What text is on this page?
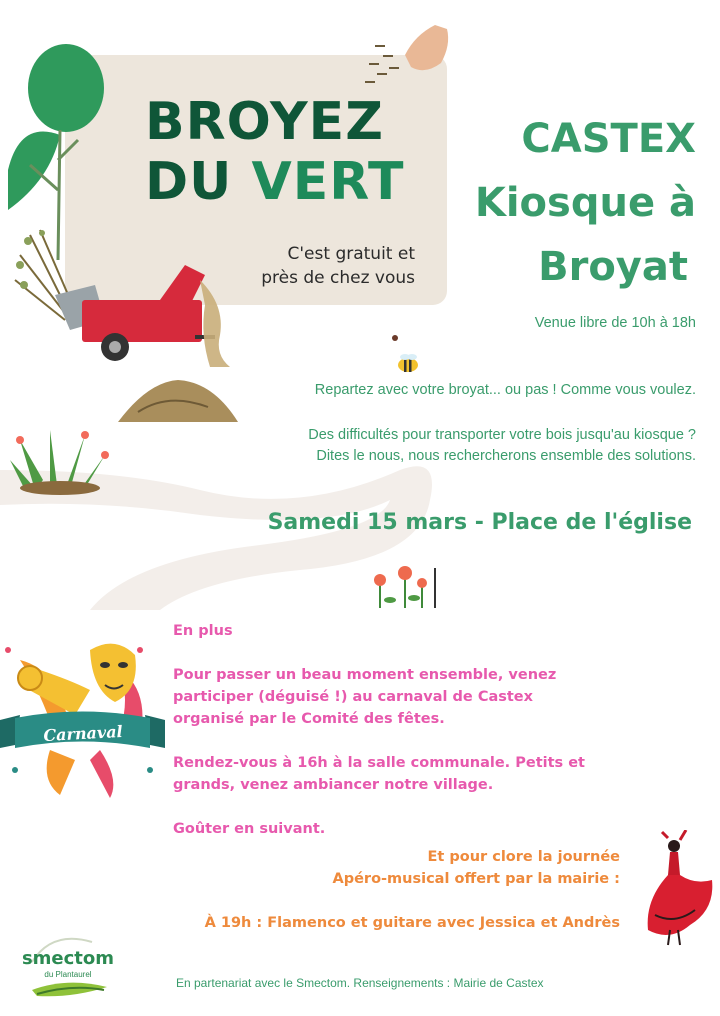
BROYEZ
DU VERT
C'est gratuit et
près de chez vous
CASTEX
Kiosque à
Broyat
Venue libre de 10h à 18h
Repartez avec votre broyat... ou pas ! Comme vous voulez.
Des difficultés pour transporter votre bois jusqu'au kiosque ?
Dites le nous, nous rechercherons ensemble des solutions.
Samedi 15 mars - Place de l'église
Carnaval
En plus
Pour passer un beau moment ensemble, venez
participer (déguisé !) au carnaval de Castex
organisé par le Comité des fêtes.
Rendez-vous à 16h à la salle communale. Petits et
grands, venez ambiancer notre village.
Goûter en suivant.
Et pour clore la journée
Apéro-musical offert par la mairie :
À 19h : Flamenco et guitare avec Jessica et Andrès
smectom
du Plantaurel
En partenariat avec le Smectom. Renseignements : Mairie de Castex
